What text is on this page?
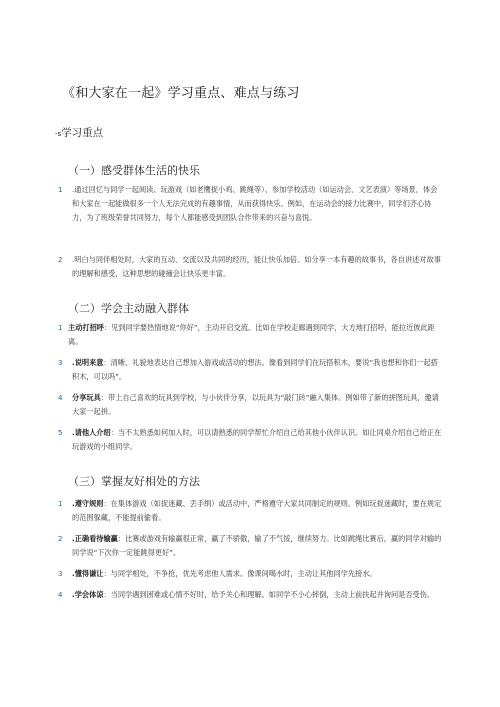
《和大家在一起》学习重点、难点与练习
-s学习重点
（一）感受群体生活的快乐
1 .通过回忆与同学一起阅读、玩游戏（如老鹰捉小鸡、跳绳等）、参加学校活动（如运动会、文艺表演）等场景，体会和大家在一起能做很多一个人无法完成的有趣事情，从而获得快乐。例如，在运动会的接力比赛中，同学们齐心协力，为了班级荣誉共同努力，每个人都能感受到团队合作带来的兴奋与喜悦。
2 .明白与同伴相处时，大家的互动、交流以及共同的经历，能让快乐加倍。如分享一本有趣的故事书，各自讲述对故事的理解和感受，这种思想的碰撞会让快乐更丰富。
（二）学会主动融入群体
1 主动打招呼：见到同学要热情地说“你好”，主动开启交流。比如在学校走廊遇到同学，大方地打招呼，能拉近彼此距离。
3 .说明来意：清晰、礼貌地表达自己想加入游戏或活动的想法。像看到同学们在玩搭积木，要说“我也想和你们一起搭积木，可以吗”。
4 分享玩具：带上自己喜欢的玩具到学校，与小伙伴分享，以玩具为“敲门砖”融入集体。例如带了新的拼图玩具，邀请大家一起拼。
5 .请他人介绍：当不太熟悉如何加入时，可以请熟悉的同学帮忙介绍自己给其他小伙伴认识。如让同桌介绍自己给正在玩游戏的小组同学。
（三）掌握友好相处的方法
1 .遵守规则：在集体游戏（如捉迷藏、丢手绢）或活动中，严格遵守大家共同制定的规则。例如玩捉迷藏时，要在规定的范围躲藏，不能提前偷看。
2 .正确看待输赢：比赛或游戏有输赢很正常，赢了不骄傲，输了不气馁，继续努力。比如跳绳比赛后，赢的同学对输的同学说“下次你一定能跳得更好”。
3 .懂得谦让：与同学相处，不争抢，优先考虑他人需求。像课间喝水时，主动让其他同学先接水。
4 .学会体谅：当同学遇到困难或心情不好时，给予关心和理解。如同学不小心摔倒，主动上前扶起并询问是否受伤。
